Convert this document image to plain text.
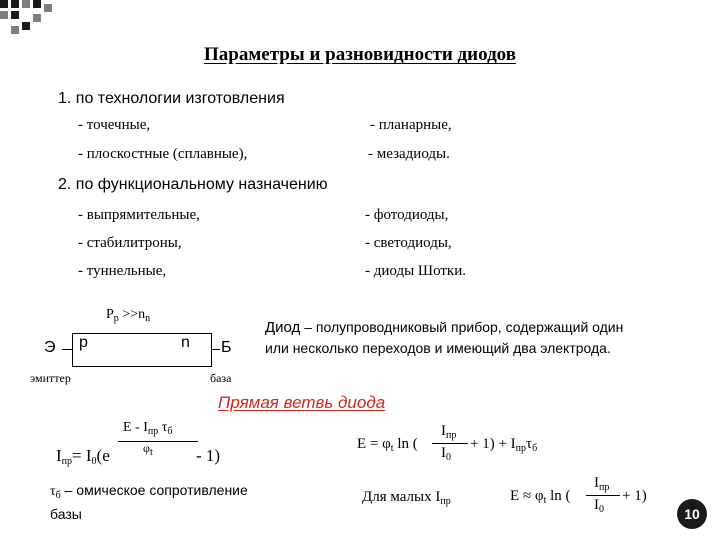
Параметры и разновидности диодов
1. по технологии изготовления
- точечные,
- плоскостные (сплавные),
- планарные,
- мезадиоды.
2. по функциональному назначению
- выпрямительные,
- стабилитроны,
- туннельные,
- фотодиоды,
- светодиоды,
- диоды Шотки.
$P_p >>n_n$
Э	Б
p	n
эмиттер	база
Диод – полупроводниковый прибор, содержащий один
или несколько переходов и имеющий два электрода.
Прямая ветвь диода
$I_{пр}= I_0(e$
E - $I_{пр}$ $\tau_б$
$\varphi_t$	- 1)
$\tau_б$ – омическое сопротивление
базы
$E = \varphi_t$ ln (
$I_{пр}$
$I_0$
+ $1) + I_{пр}\tau_б$
Для малых $I_{пр}$	$E \approx \varphi_t$ ln (
$I_{пр}$
$I_0$
+ 1)
10
